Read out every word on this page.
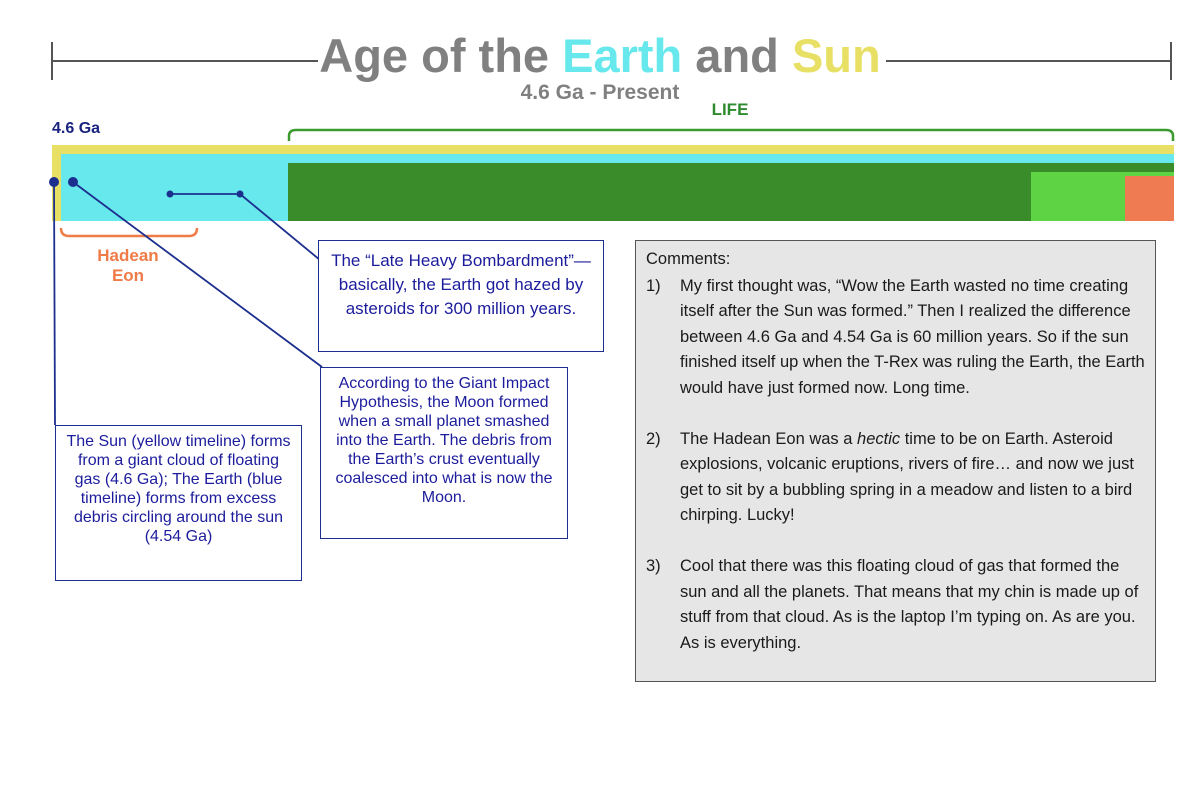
Age of the Earth and Sun
4.6 Ga - Present
4.6 Ga
LIFE
Hadean
Eon
The “Late Heavy Bombardment”—basically, the Earth got hazed by asteroids for 300 million years.
According to the Giant Impact Hypothesis, the Moon formed when a small planet smashed into the Earth. The debris from the Earth’s crust eventually coalesced into what is now the Moon.
The Sun (yellow timeline) forms from a giant cloud of floating gas (4.6 Ga); The Earth (blue timeline) forms from excess debris circling around the sun (4.54 Ga)
Comments:
1)	My first thought was, “Wow the Earth wasted no time creating itself after the Sun was formed.” Then I realized the difference between 4.6 Ga and 4.54 Ga is 60 million years. So if the sun finished itself up when the T-Rex was ruling the Earth, the Earth would have just formed now. Long time.
2)	The Hadean Eon was a hectic time to be on Earth. Asteroid explosions, volcanic eruptions, rivers of fire… and now we just get to sit by a bubbling spring in a meadow and listen to a bird chirping. Lucky!
3)	Cool that there was this floating cloud of gas that formed the sun and all the planets. That means that my chin is made up of stuff from that cloud. As is the laptop I’m typing on. As are you. As is everything.
